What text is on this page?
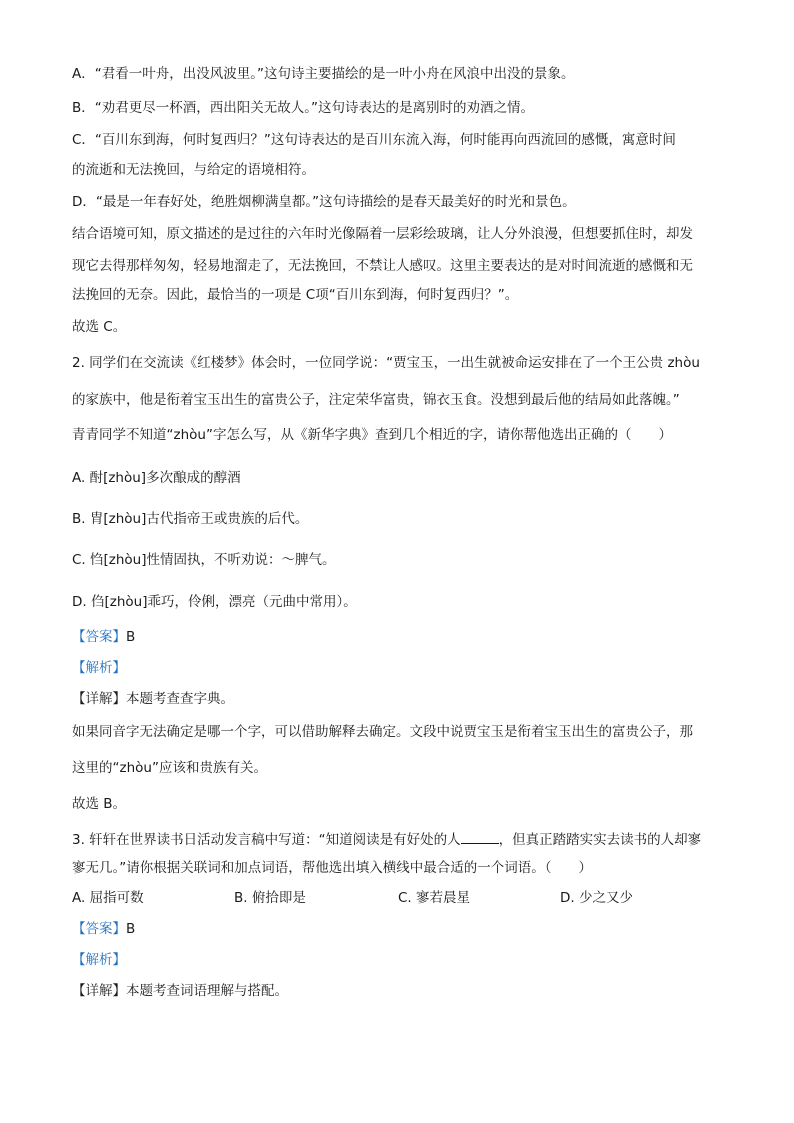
A．“君看一叶舟，出没风波里。”这句诗主要描绘的是一叶小舟在风浪中出没的景象。
B．“劝君更尽一杯酒，西出阳关无故人。”这句诗表达的是离别时的劝酒之情。
C．“百川东到海，何时复西归？”这句诗表达的是百川东流入海，何时能再向西流回的感慨，寓意时间
的流逝和无法挽回，与给定的语境相符。
D．“最是一年春好处，绝胜烟柳满皇都。”这句诗描绘的是春天最美好的时光和景色。
结合语境可知，原文描述的是过往的六年时光像隔着一层彩绘玻璃，让人分外浪漫，但想要抓住时，却发
现它去得那样匆匆，轻易地溜走了，无法挽回，不禁让人感叹。这里主要表达的是对时间流逝的感慨和无
法挽回的无奈。因此，最恰当的一项是 C项“百川东到海，何时复西归？”。
故选 C。
2. 同学们在交流读《红楼梦》体会时，一位同学说：“贾宝玉，一出生就被命运安排在了一个王公贵 zhòu
的家族中，他是衔着宝玉出生的富贵公子，注定荣华富贵，锦衣玉食。没想到最后他的结局如此落魄。”
青青同学不知道“zhòu”字怎么写，从《新华字典》查到几个相近的字，请你帮他选出正确的（　　）
A. 酎[zhòu]多次酿成的醇酒
B. 胄[zhòu]古代指帝王或贵族的后代。
C. 㤘[zhòu]性情固执，不听劝说：～脾气。
D. 㑇[zhòu]乖巧，伶俐，漂亮（元曲中常用）。
【答案】B
【解析】
【详解】本题考查查字典。
如果同音字无法确定是哪一个字，可以借助解释去确定。文段中说贾宝玉是衔着宝玉出生的富贵公子，那
这里的“zhòu”应该和贵族有关。
故选 B。
3. 轩轩在世界读书日活动发言稿中写道：“知道阅读是有好处的人	，但真正踏踏实实去读书的人却寥
寥无几。”请你根据关联词和加点词语，帮他选出填入横线中最合适的一个词语。（　　）
A. 屈指可数	B. 俯拾即是	C. 寥若晨星	D. 少之又少
【答案】B
【解析】
【详解】本题考查词语理解与搭配。
